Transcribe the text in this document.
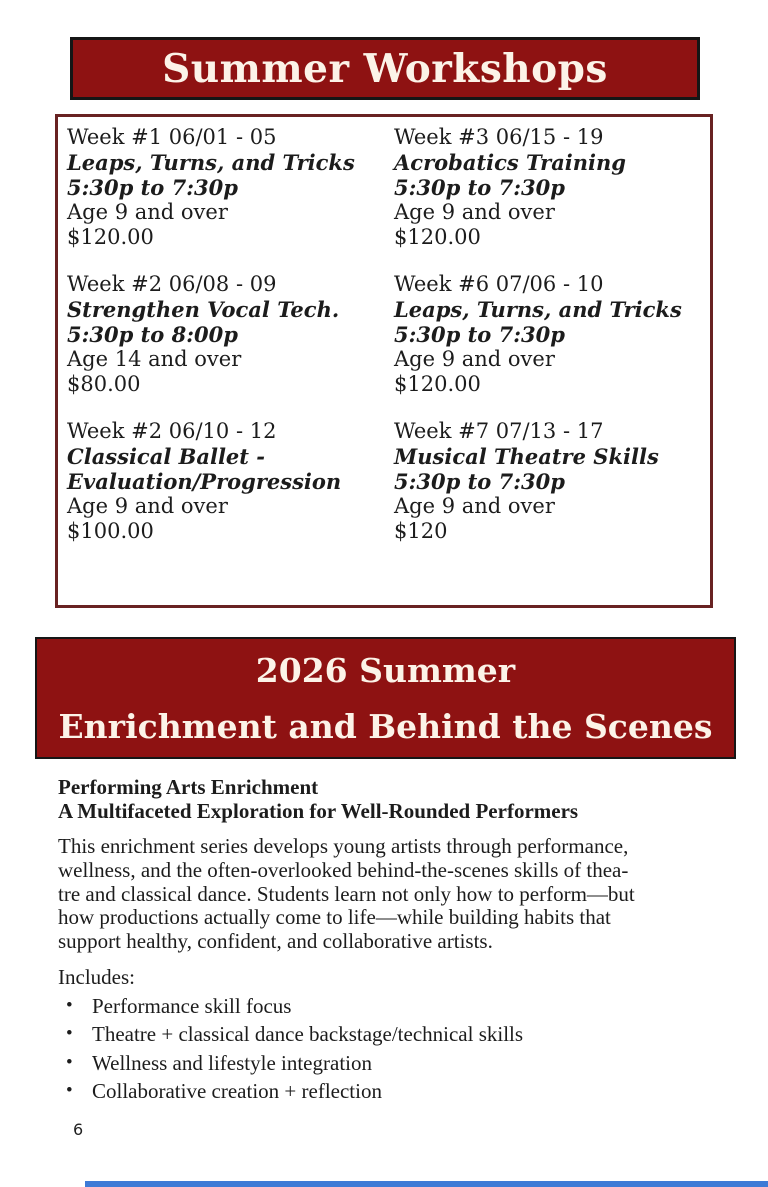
Summer Workshops
Week #1 06/01 - 05
Leaps, Turns, and Tricks
5:30p to 7:30p
Age 9 and over
$120.00
Week #3 06/15 - 19
Acrobatics Training
5:30p to 7:30p
Age 9 and over
$120.00
Week #2 06/08 - 09
Strengthen Vocal Tech.
5:30p to 8:00p
Age 14 and over
$80.00
Week #6 07/06 - 10
Leaps, Turns, and Tricks
5:30p to 7:30p
Age 9 and over
$120.00
Week #2 06/10 - 12
Classical Ballet - Evaluation/Progression
Age 9 and over
$100.00
Week #7 07/13 - 17
Musical Theatre Skills
5:30p to 7:30p
Age 9 and over
$120
2026 Summer
Enrichment and Behind the Scenes
Performing Arts Enrichment
A Multifaceted Exploration for Well-Rounded Performers
This enrichment series develops young artists through performance,
wellness, and the often-overlooked behind-the-scenes skills of thea-
tre and classical dance. Students learn not only how to perform—but
how productions actually come to life—while building habits that
support healthy, confident, and collaborative artists.
Includes:
• Performance skill focus
• Theatre + classical dance backstage/technical skills
• Wellness and lifestyle integration
• Collaborative creation + reflection
6
